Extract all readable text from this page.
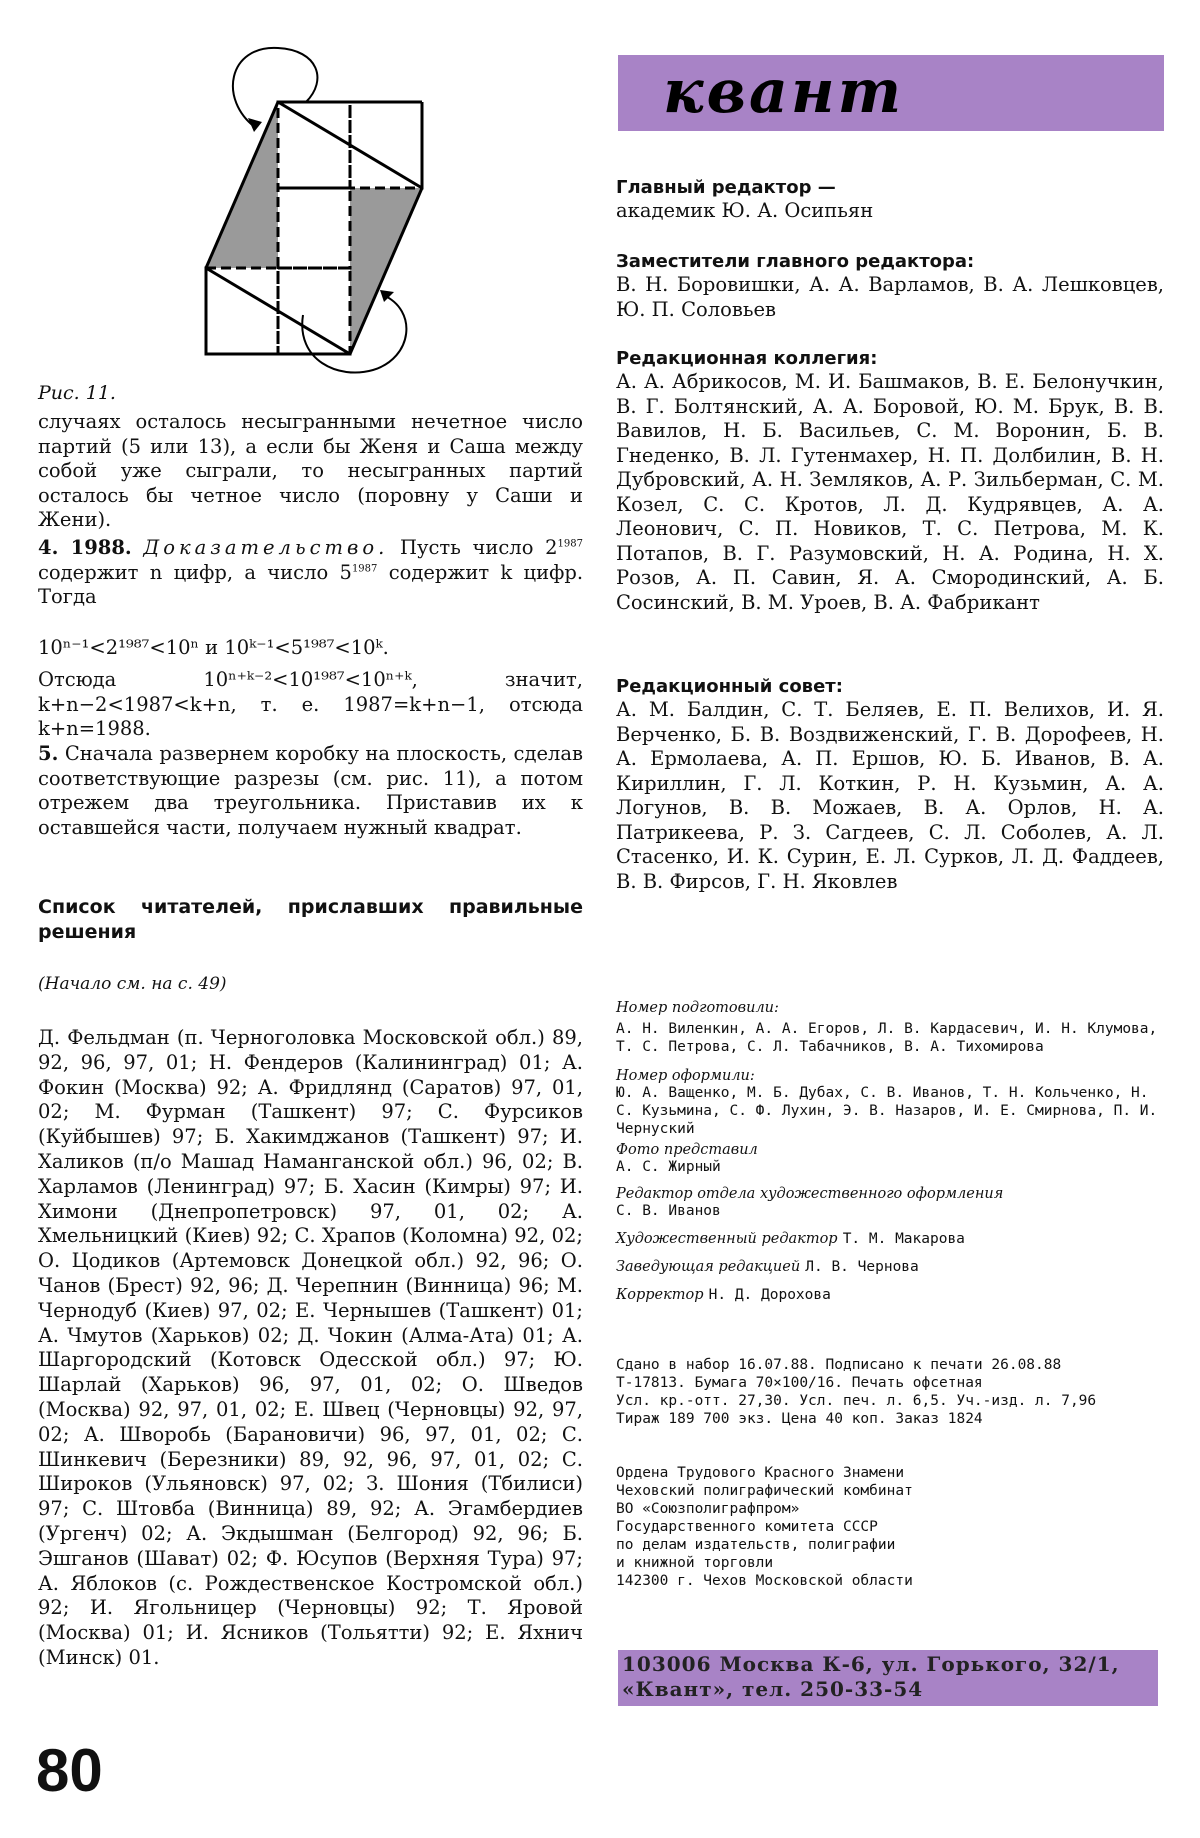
Рис. 11.

случаях осталось несыгранными нечетное число партий (5 или 13), а если бы Женя и Саша между собой уже сыграли, то несыгранных партий осталось бы четное число (поровну у Саши и Жени).

4. 1988. Доказательство. Пусть число $2^{1987}$ содержит n цифр, а число $5^{1987}$ содержит k цифр. Тогда
10ⁿ⁻¹<2¹⁹⁸⁷<10ⁿ и 10ᵏ⁻¹<5¹⁹⁸⁷<10ᵏ.

Отсюда 10ⁿ⁺ᵏ⁻²<10¹⁹⁸⁷<10ⁿ⁺ᵏ, значит, k+n−2<1987<k+n, т. е. 1987=k+n−1, отсюда k+n=1988.

5. Сначала развернем коробку на плоскость, сделав соответствующие разрезы (см. рис. 11), а потом отрежем два треугольника. Приставив их к оставшейся части, получаем нужный квадрат.
Список читателей, приславших правильные решения
(Начало см. на с. 49)

Д. Фельдман (п. Черноголовка Московской обл.) 89, 92, 96, 97, 01; Н. Фендеров (Калининград) 01; А. Фокин (Москва) 92; А. Фридлянд (Саратов) 97, 01, 02; М. Фурман (Ташкент) 97; С. Фурсиков (Куйбышев) 97; Б. Хакимджанов (Ташкент) 97; И. Халиков (п/о Машад Наманганской обл.) 96, 02; В. Харламов (Ленинград) 97; Б. Хасин (Кимры) 97; И. Химони (Днепропетровск) 97, 01, 02; А. Хмельницкий (Киев) 92; С. Храпов (Коломна) 92, 02; О. Цодиков (Артемовск Донецкой обл.) 92, 96; О. Чанов (Брест) 92, 96; Д. Черепнин (Винница) 96; М. Чернодуб (Киев) 97, 02; Е. Чернышев (Ташкент) 01; А. Чмутов (Харьков) 02; Д. Чокин (Алма-Ата) 01; А. Шаргородский (Котовск Одесской обл.) 97; Ю. Шарлай (Харьков) 96, 97, 01, 02; О. Шведов (Москва) 92, 97, 01, 02; Е. Швец (Черновцы) 92, 97, 02; А. Шворобь (Барановичи) 96, 97, 01, 02; С. Шинкевич (Березники) 89, 92, 96, 97, 01, 02; С. Широков (Ульяновск) 97, 02; З. Шония (Тбилиси) 97; С. Штовба (Винница) 89, 92; А. Эгамбердиев (Ургенч) 02; А. Экдышман (Белгород) 92, 96; Б. Эшганов (Шават) 02; Ф. Юсупов (Верхняя Тура) 97; А. Яблоков (с. Рождественское Костромской обл.) 92; И. Ягольницер (Черновцы) 92; Т. Яровой (Москва) 01; И. Ясников (Тольятти) 92; Е. Яхнич (Минск) 01.

80
квант
Главный редактор —
академик Ю. А. Осипьян
Заместители главного редактора:

В. Н. Боровишки, А. А. Варламов, В. А. Лешковцев, Ю. П. Соловьев

Редакционная коллегия:

А. А. Абрикосов, М. И. Башмаков, В. Е. Белонучкин, В. Г. Болтянский, А. А. Боровой, Ю. М. Брук, В. В. Вавилов, Н. Б. Васильев, С. М. Воронин, Б. В. Гнеденко, В. Л. Гутенмахер, Н. П. Долбилин, В. Н. Дубровский, А. Н. Земляков, А. Р. Зильберман, С. М. Козел, С. С. Кротов, Л. Д. Кудрявцев, А. А. Леонович, С. П. Новиков, Т. С. Петрова, М. К. Потапов, В. Г. Разумовский, Н. А. Родина, Н. Х. Розов, А. П. Савин, Я. А. Смородинский, А. Б. Сосинский, В. М. Уроев, В. А. Фабрикант

Редакционный совет:

А. М. Балдин, С. Т. Беляев, Е. П. Велихов, И. Я. Верченко, Б. В. Воздвиженский, Г. В. Дорофеев, Н. А. Ермолаева, А. П. Ершов, Ю. Б. Иванов, В. А. Кириллин, Г. Л. Коткин, Р. Н. Кузьмин, А. А. Логунов, В. В. Можаев, В. А. Орлов, Н. А. Патрикеева, Р. З. Сагдеев, С. Л. Соболев, А. Л. Стасенко, И. К. Сурин, Е. Л. Сурков, Л. Д. Фаддеев, В. В. Фирсов, Г. Н. Яковлев

Номер подготовили:
А. Н. Виленкин, А. А. Егоров, Л. В. Кардасевич, И. Н. Клумова, Т. С. Петрова, С. Л. Табачников, В. А. Тихомирова
Номер оформили:
Ю. А. Ващенко, М. Б. Дубах, С. В. Иванов, Т. Н. Кольченко, Н. С. Кузьмина, С. Ф. Лухин, Э. В. Назаров, И. Е. Смирнова, П. И. Чернуский
Фото представил
А. С. Жирный
Редактор отдела художественного оформления
С. В. Иванов
Художественный редактор Т. М. Макарова
Заведующая редакцией Л. В. Чернова
Корректор Н. Д. Дорохова
Сдано в набор 16.07.88. Подписано к печати 26.08.88
Т-17813. Бумага 70×100/16. Печать офсетная
Усл. кр.-отт. 27,30. Усл. печ. л. 6,5. Уч.-изд. л. 7,96
Тираж 189 700 экз. Цена 40 коп. Заказ 1824
Ордена Трудового Красного Знамени
Чеховский полиграфический комбинат
ВО «Союзполиграфпром»
Государственного комитета СССР
по делам издательств, полиграфии
и книжной торговли
142300 г. Чехов Московской области
103006 Москва К-6, ул. Горького, 32/1,
«Квант», тел. 250-33-54
